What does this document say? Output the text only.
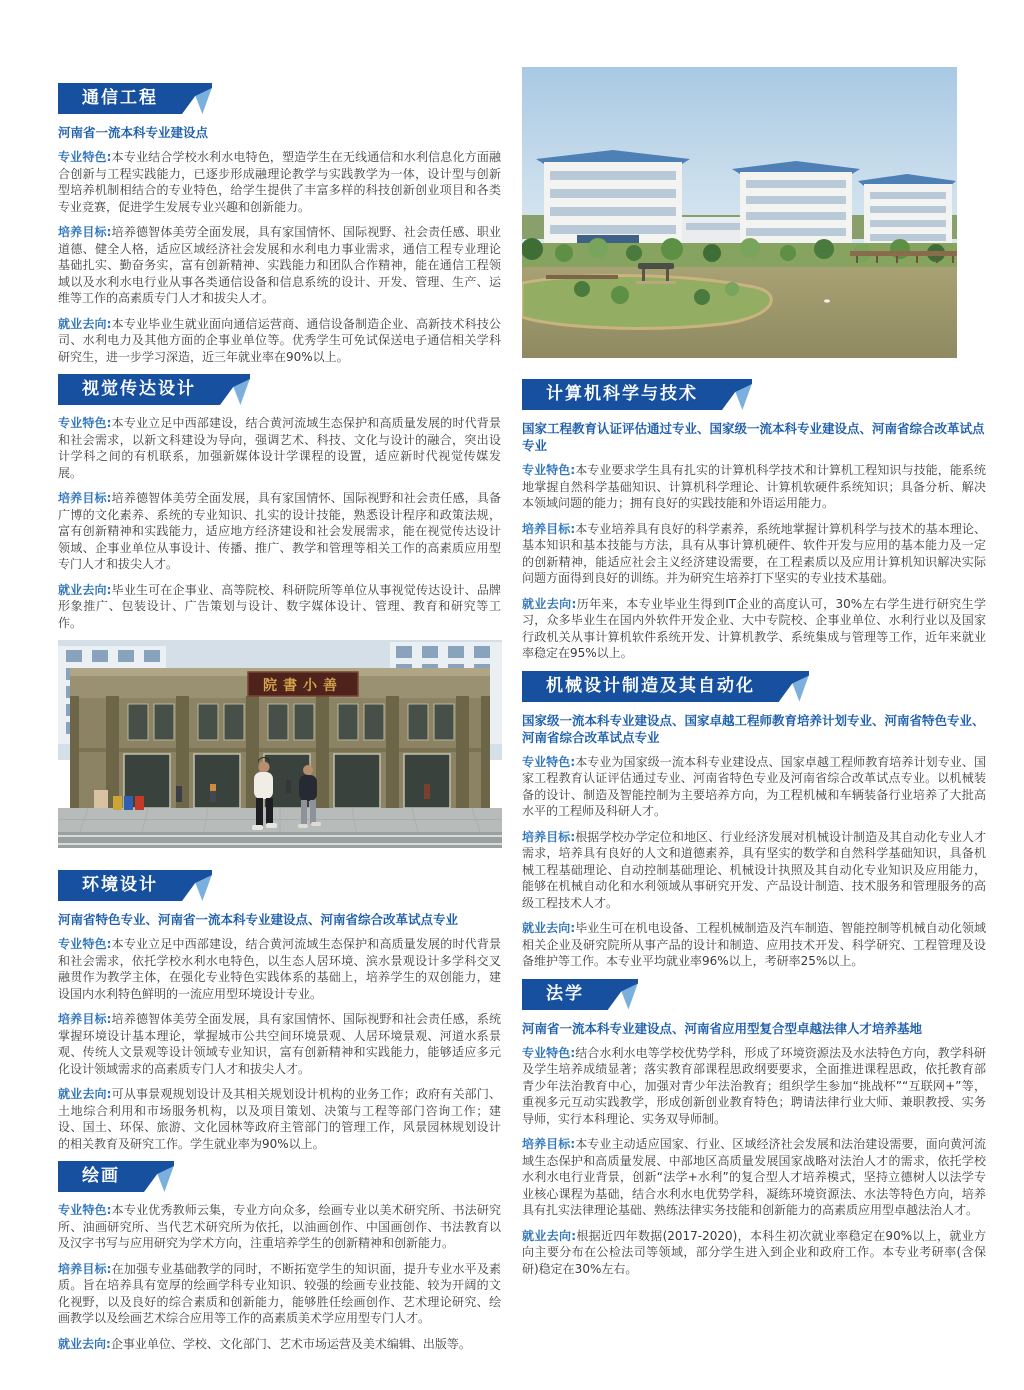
通信工程

河南省一流本科专业建设点

专业特色:本专业结合学校水利水电特色，塑造学生在无线通信和水利信息化方面融合创新与工程实践能力，已逐步形成融理论教学与实践教学为一体，设计型与创新型培养机制相结合的专业特色，给学生提供了丰富多样的科技创新创业项目和各类专业竞赛，促进学生发展专业兴趣和创新能力。

培养目标:培养德智体美劳全面发展，具有家国情怀、国际视野、社会责任感、职业道德、健全人格，适应区域经济社会发展和水利电力事业需求，通信工程专业理论基础扎实、勤奋务实，富有创新精神、实践能力和团队合作精神，能在通信工程领域以及水利水电行业从事各类通信设备和信息系统的设计、开发、管理、生产、运维等工作的高素质专门人才和拔尖人才。

就业去向:本专业毕业生就业面向通信运营商、通信设备制造企业、高新技术科技公司、水利电力及其他方面的企事业单位等。优秀学生可免试保送电子通信相关学科研究生，进一步学习深造，近三年就业率在90%以上。

视觉传达设计

专业特色:本专业立足中西部建设，结合黄河流域生态保护和高质量发展的时代背景和社会需求，以新文科建设为导向，强调艺术、科技、文化与设计的融合，突出设计学科之间的有机联系，加强新媒体设计学课程的设置，适应新时代视觉传媒发展。

培养目标:培养德智体美劳全面发展，具有家国情怀、国际视野和社会责任感，具备广博的文化素养、系统的专业知识、扎实的设计技能，熟悉设计程序和政策法规，富有创新精神和实践能力，适应地方经济建设和社会发展需求，能在视觉传达设计领域、企事业单位从事设计、传播、推广、教学和管理等相关工作的高素质应用型专门人才和拔尖人才。

就业去向:毕业生可在企事业、高等院校、科研院所等单位从事视觉传达设计、品牌形象推广、包装设计、广告策划与设计、数字媒体设计、管理、教育和研究等工作。

院書小善
环境设计

河南省特色专业、河南省一流本科专业建设点、河南省综合改革试点专业

专业特色:本专业立足中西部建设，结合黄河流域生态保护和高质量发展的时代背景和社会需求，依托学校水利水电特色，以生态人居环境、滨水景观设计多学科交叉融贯作为教学主体，在强化专业特色实践体系的基础上，培养学生的双创能力，建设国内水利特色鲜明的一流应用型环境设计专业。

培养目标:培养德智体美劳全面发展，具有家国情怀、国际视野和社会责任感，系统掌握环境设计基本理论，掌握城市公共空间环境景观、人居环境景观、河道水系景观、传统人文景观等设计领域专业知识，富有创新精神和实践能力，能够适应多元化设计领域需求的高素质专门人才和拔尖人才。

就业去向:可从事景观规划设计及其相关规划设计机构的业务工作；政府有关部门、土地综合利用和市场服务机构，以及项目策划、决策与工程等部门咨询工作；建设、国土、环保、旅游、文化园林等政府主管部门的管理工作，风景园林规划设计的相关教育及研究工作。学生就业率为90%以上。

绘画

专业特色:本专业优秀教师云集，专业方向众多，绘画专业以美术研究所、书法研究所、油画研究所、当代艺术研究所为依托，以油画创作、中国画创作、书法教育以及汉字书写与应用研究为学术方向，注重培养学生的创新精神和创新能力。

培养目标:在加强专业基础教学的同时，不断拓宽学生的知识面，提升专业水平及素质。旨在培养具有宽厚的绘画学科专业知识、较强的绘画专业技能、较为开阔的文化视野，以及良好的综合素质和创新能力，能够胜任绘画创作、艺术理论研究、绘画教学以及绘画艺术综合应用等工作的高素质美术学应用型专门人才。

就业去向:企事业单位、学校、文化部门、艺术市场运营及美术编辑、出版等。

计算机科学与技术

国家工程教育认证评估通过专业、国家级一流本科专业建设点、河南省综合改革试点专业

专业特色:本专业要求学生具有扎实的计算机科学技术和计算机工程知识与技能，能系统地掌握自然科学基础知识、计算机科学理论、计算机软硬件系统知识；具备分析、解决本领域问题的能力；拥有良好的实践技能和外语运用能力。

培养目标:本专业培养具有良好的科学素养，系统地掌握计算机科学与技术的基本理论、基本知识和基本技能与方法，具有从事计算机硬件、软件开发与应用的基本能力及一定的创新精神，能适应社会主义经济建设需要，在工程素质以及应用计算机知识解决实际问题方面得到良好的训练。并为研究生培养打下坚实的专业技术基础。

就业去向:历年来，本专业毕业生得到IT企业的高度认可，30%左右学生进行研究生学习，众多毕业生在国内外软件开发企业、大中专院校、企事业单位、水利行业以及国家行政机关从事计算机软件系统开发、计算机教学、系统集成与管理等工作，近年来就业率稳定在95%以上。

机械设计制造及其自动化

国家级一流本科专业建设点、国家卓越工程师教育培养计划专业、河南省特色专业、河南省综合改革试点专业

专业特色:本专业为国家级一流本科专业建设点、国家卓越工程师教育培养计划专业、国家工程教育认证评估通过专业、河南省特色专业及河南省综合改革试点专业。以机械装备的设计、制造及智能控制为主要培养方向，为工程机械和车辆装备行业培养了大批高水平的工程师及科研人才。

培养目标:根据学校办学定位和地区、行业经济发展对机械设计制造及其自动化专业人才需求，培养具有良好的人文和道德素养，具有坚实的数学和自然科学基础知识，具备机械工程基础理论、自动控制基础理论、机械设计执照及其自动化专业知识及应用能力，能够在机械自动化和水利领域从事研究开发、产品设计制造、技术服务和管理服务的高级工程技术人才。

就业去向:毕业生可在机电设备、工程机械制造及汽车制造、智能控制等机械自动化领域相关企业及研究院所从事产品的设计和制造、应用技术开发、科学研究、工程管理及设备维护等工作。本专业平均就业率96%以上，考研率25%以上。

法学

河南省一流本科专业建设点、河南省应用型复合型卓越法律人才培养基地

专业特色:结合水利水电等学校优势学科，形成了环境资源法及水法特色方向，教学科研及学生培养成绩显著；落实教育部课程思政纲要要求，全面推进课程思政，依托教育部青少年法治教育中心，加强对青少年法治教育；组织学生参加“挑战杯”“互联网+”等，重视多元互动实践教学，形成创新创业教育特色；聘请法律行业大师、兼职教授、实务导师，实行本科理论、实务双导师制。

培养目标:本专业主动适应国家、行业、区域经济社会发展和法治建设需要，面向黄河流域生态保护和高质量发展、中部地区高质量发展国家战略对法治人才的需求，依托学校水利水电行业背景，创新“法学+水利”的复合型人才培养模式，坚持立德树人以法学专业核心课程为基础，结合水利水电优势学科，凝练环境资源法、水法等特色方向，培养具有扎实法律理论基础、熟练法律实务技能和创新能力的高素质应用型卓越法治人才。

就业去向:根据近四年数据(2017-2020)，本科生初次就业率稳定在90%以上，就业方向主要分布在公检法司等领域，部分学生进入到企业和政府工作。本专业考研率(含保研)稳定在30%左右。
